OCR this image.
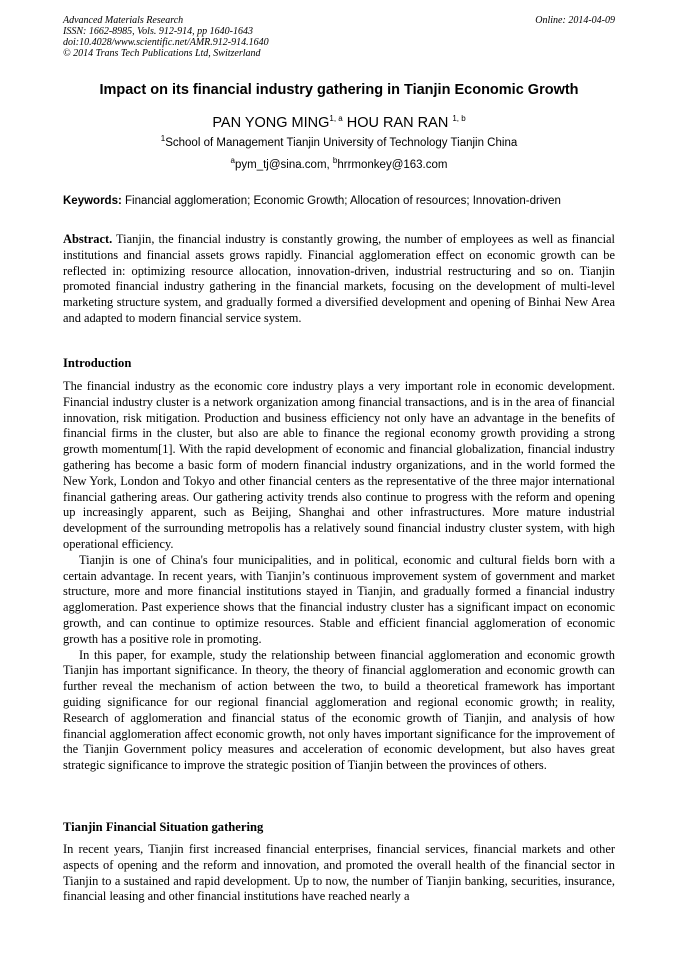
Advanced Materials Research
ISSN: 1662-8985, Vols. 912-914, pp 1640-1643
doi:10.4028/www.scientific.net/AMR.912-914.1640
© 2014 Trans Tech Publications Ltd, Switzerland
Online: 2014-04-09
Impact on its financial industry gathering in Tianjin Economic Growth
PAN YONG MING$^{1, a}$ HOU RAN RAN $^{1, b}$
$^1$School of Management Tianjin University of Technology Tianjin China
$^a$pym_tj@sina.com, $^b$hrrmonkey@163.com
Keywords: Financial agglomeration; Economic Growth; Allocation of resources; Innovation-driven

Abstract. Tianjin, the financial industry is constantly growing, the number of employees as well as financial institutions and financial assets grows rapidly. Financial agglomeration effect on economic growth can be reflected in: optimizing resource allocation, innovation-driven, industrial restructuring and so on. Tianjin promoted financial industry gathering in the financial markets, focusing on the development of multi-level marketing structure system, and gradually formed a diversified development and opening of Binhai New Area and adapted to modern financial service system.

Introduction

The financial industry as the economic core industry plays a very important role in economic development. Financial industry cluster is a network organization among financial transactions, and is in the area of financial innovation, risk mitigation. Production and business efficiency not only have an advantage in the benefits of financial firms in the cluster, but also are able to finance the regional economy growth providing a strong growth momentum[1]. With the rapid development of economic and financial globalization, financial industry gathering has become a basic form of modern financial industry organizations, and in the world formed the New York, London and Tokyo and other financial centers as the representative of the three major international financial gathering areas. Our gathering activity trends also continue to progress with the reform and opening up increasingly apparent, such as Beijing, Shanghai and other infrastructures. More mature industrial development of the surrounding metropolis has a relatively sound financial industry cluster system, with high operational efficiency.

Tianjin is one of China's four municipalities, and in political, economic and cultural fields born with a certain advantage. In recent years, with Tianjin’s continuous improvement system of government and market structure, more and more financial institutions stayed in Tianjin, and gradually formed a financial industry agglomeration. Past experience shows that the financial industry cluster has a significant impact on economic growth, and can continue to optimize resources. Stable and efficient financial agglomeration of economic growth has a positive role in promoting.

In this paper, for example, study the relationship between financial agglomeration and economic growth Tianjin has important significance. In theory, the theory of financial agglomeration and economic growth can further reveal the mechanism of action between the two, to build a theoretical framework has important guiding significance for our regional financial agglomeration and regional economic growth; in reality, Research of agglomeration and financial status of the economic growth of Tianjin, and analysis of how financial agglomeration affect economic growth, not only haves important significance for the improvement of the Tianjin Government policy measures and acceleration of economic development, but also haves great strategic significance to improve the strategic position of Tianjin between the provinces of others.

Tianjin Financial Situation gathering

In recent years, Tianjin first increased financial enterprises, financial services, financial markets and other aspects of opening and the reform and innovation, and promoted the overall health of the financial sector in Tianjin to a sustained and rapid development. Up to now, the number of Tianjin banking, securities, insurance, financial leasing and other financial institutions have reached nearly a
